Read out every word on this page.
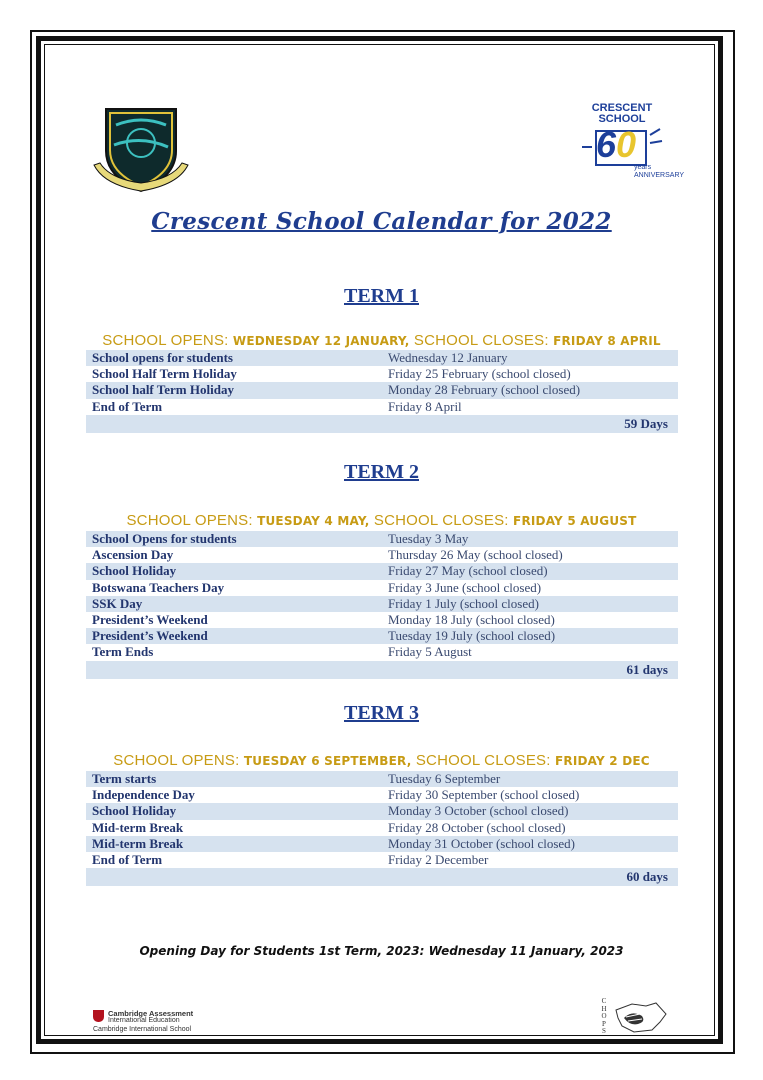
CRESCENT
SCHOOL
60
years
ANNIVERSARY
Crescent School Calendar for 2022
TERM 1
SCHOOL OPENS: WEDNESDAY 12 JANUARY, SCHOOL CLOSES: FRIDAY 8 APRIL
School opens for students	Wednesday 12 January
School Half Term Holiday	Friday 25 February (school closed)
School half Term Holiday	Monday 28 February (school closed)
End of Term	Friday 8 April
59 Days
TERM 2
SCHOOL OPENS: TUESDAY 4 MAY, SCHOOL CLOSES: FRIDAY 5 AUGUST
School Opens for students	Tuesday 3 May
Ascension Day	Thursday 26 May (school closed)
School Holiday	Friday 27 May (school closed)
Botswana Teachers Day	Friday 3 June (school closed)
SSK Day	Friday 1 July (school closed)
President’s Weekend	Monday 18 July (school closed)
President’s Weekend	Tuesday 19 July (school closed)
Term Ends	Friday 5 August
61 days
TERM 3
SCHOOL OPENS: TUESDAY 6 SEPTEMBER, SCHOOL CLOSES: FRIDAY 2 DEC
Term starts	Tuesday 6 September
Independence Day	Friday 30 September (school closed)
School Holiday	Monday 3 October (school closed)
Mid-term Break	Friday 28 October (school closed)
Mid-term Break	Monday 31 October (school closed)
End of Term	Friday 2 December
60 days
Opening Day for Students 1st Term, 2023: Wednesday 11 January, 2023
Cambridge Assessment
International Education
Cambridge International School
C
H
O
P
S
